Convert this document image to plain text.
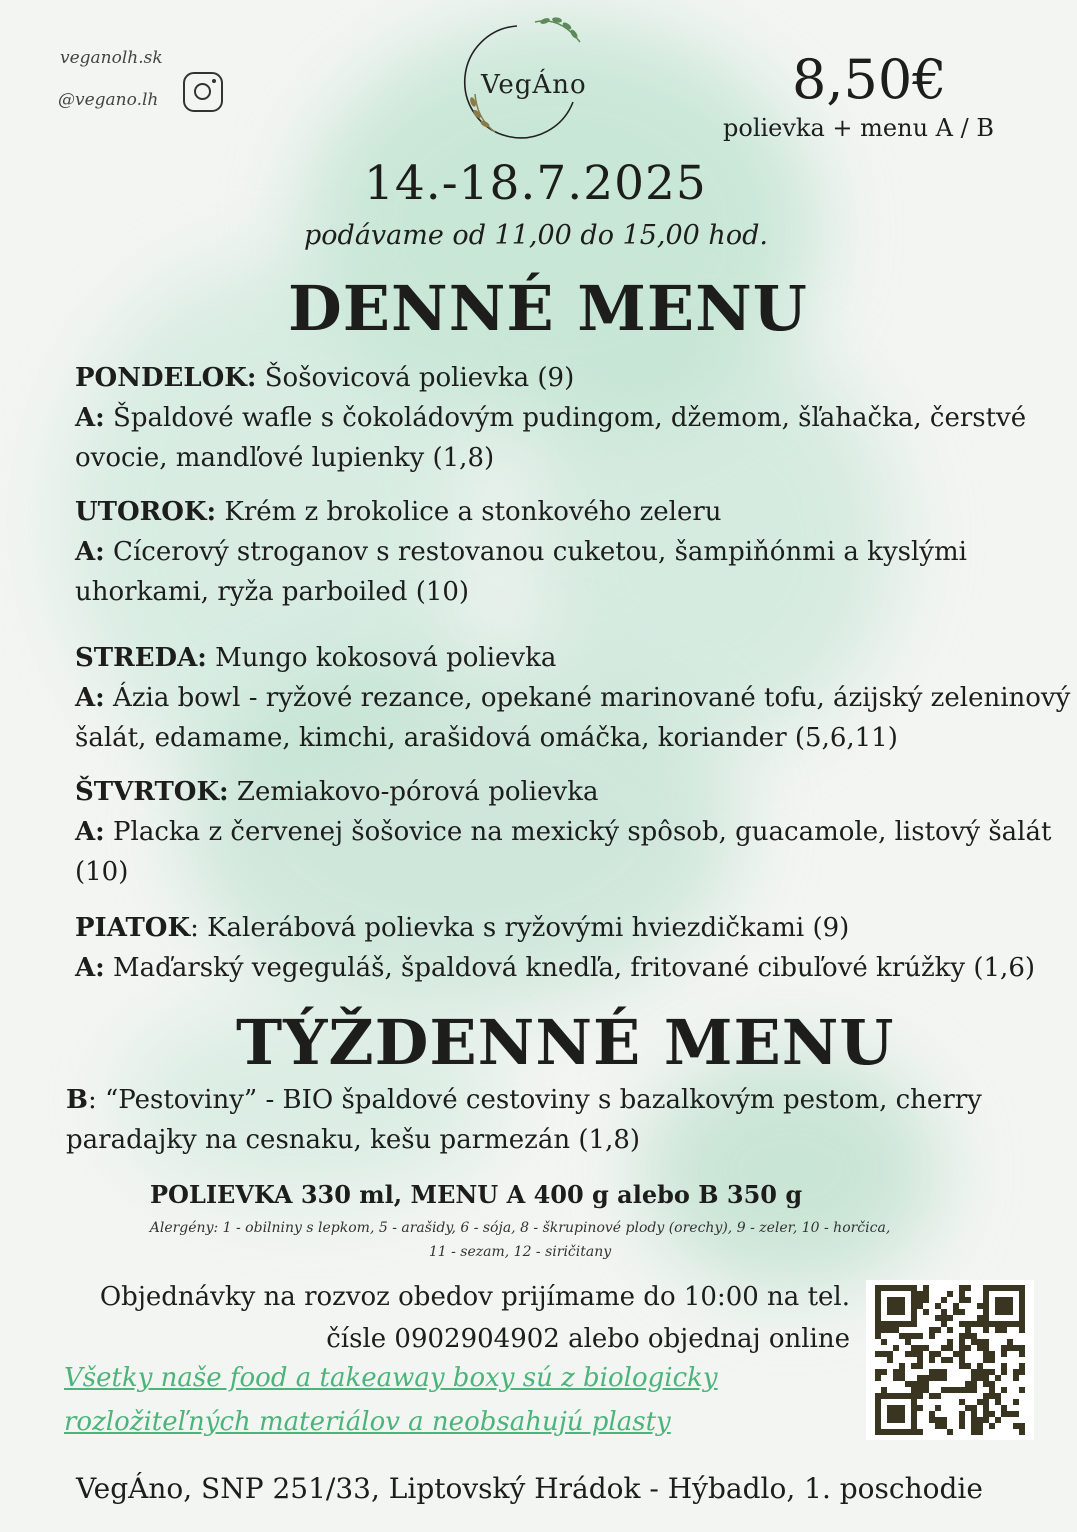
veganolh.sk
@vegano.lh	VegÁno	8,50€
polievka + menu A / B
14.-18.7.2025
podávame od 11,00 do 15,00 hod.
DENNÉ MENU
PONDELOK: Šošovicová polievka (9)
A: Špaldové wafle s čokoládovým pudingom, džemom, šľahačka, čerstvé
ovocie, mandľové lupienky (1,8)
UTOROK: Krém z brokolice a stonkového zeleru
A: Cícerový stroganov s restovanou cuketou, šampiňónmi a kyslými
uhorkami, ryža parboiled (10)
STREDA: Mungo kokosová polievka
A: Ázia bowl - ryžové rezance, opekané marinované tofu, ázijský zeleninový
šalát, edamame, kimchi, arašidová omáčka, koriander (5,6,11)
ŠTVRTOK: Zemiakovo-pórová polievka
A: Placka z červenej šošovice na mexický spôsob, guacamole, listový šalát
(10)
PIATOK: Kalerábová polievka s ryžovými hviezdičkami (9)
A: Maďarský vegeguláš, špaldová knedľa, fritované cibuľové krúžky (1,6)
TÝŽDENNÉ MENU
B: “Pestoviny” - BIO špaldové cestoviny s bazalkovým pestom, cherry
paradajky na cesnaku, kešu parmezán (1,8)
POLIEVKA 330 ml, MENU A 400 g alebo B 350 g
Alergény: 1 - obilniny s lepkom, 5 - arašidy, 6 - sója, 8 - škrupinové plody (orechy), 9 - zeler, 10 - horčica,
11 - sezam, 12 - siričitany
Objednávky na rozvoz obedov prijímame do 10:00 na tel.
čísle 0902904902 alebo objednaj online
Všetky naše food a takeaway boxy sú z biologicky
rozložiteľných materiálov a neobsahujú plasty
VegÁno, SNP 251/33, Liptovský Hrádok - Hýbadlo, 1. poschodie
